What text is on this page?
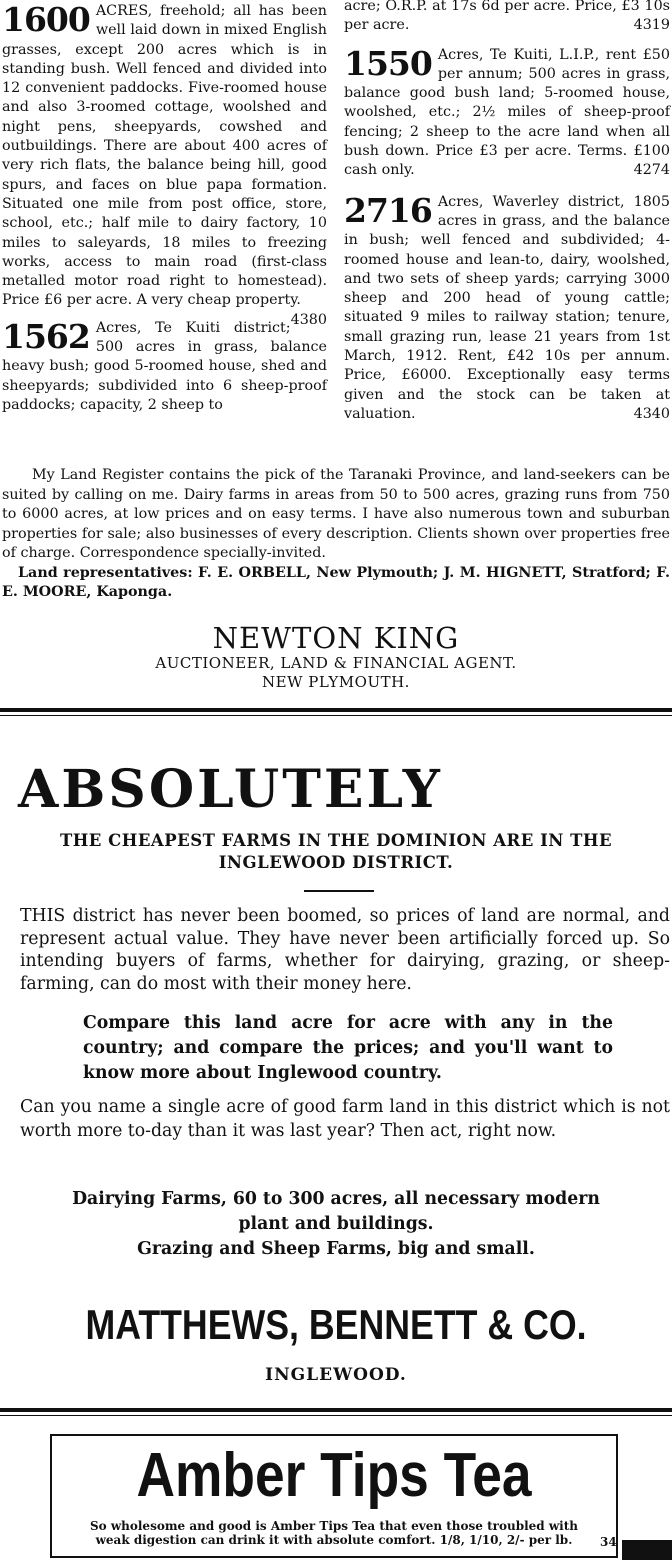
1600 ACRES, freehold; all has been well laid down in mixed English grasses, except 200 acres which is in standing bush. Well fenced and divided into 12 convenient paddocks. Five-roomed house and also 3-roomed cottage, woolshed and night pens, sheepyards, cowshed and outbuildings. There are about 400 acres of very rich flats, the balance being hill, good spurs, and faces on blue papa formation. Situated one mile from post office, store, school, etc.; half mile to dairy factory, 10 miles to saleyards, 18 miles to freezing works, access to main road (first-class metalled motor road right to homestead). Price £6 per acre. A very cheap property.
4380
1562 Acres, Te Kuiti district; 500 acres in grass, balance heavy bush; good 5-roomed house, shed and sheepyards; subdivided into 6 sheep-proof paddocks; capacity, 2 sheep to
acre; O.R.P. at 17s 6d per acre. Price, £3 10s per acre.	4319
1550 Acres, Te Kuiti, L.I.P., rent £50 per annum; 500 acres in grass, balance good bush land; 5-roomed house, woolshed, etc.; 2½ miles of sheep-proof fencing; 2 sheep to the acre land when all bush down. Price £3 per acre. Terms. £100 cash only.	4274
2716 Acres, Waverley district, 1805 acres in grass, and the balance in bush; well fenced and subdivided; 4-roomed house and lean-to, dairy, woolshed, and two sets of sheep yards; carrying 3000 sheep and 200 head of young cattle; situated 9 miles to railway station; tenure, small grazing run, lease 21 years from 1st March, 1912. Rent, £42 10s per annum. Price, £6000. Exceptionally easy terms given and the stock can be taken at valuation.	4340
My Land Register contains the pick of the Taranaki Province, and land-seekers can be suited by calling on me. Dairy farms in areas from 50 to 500 acres, grazing runs from 750 to 6000 acres, at low prices and on easy terms. I have also numerous town and suburban properties for sale; also businesses of every description. Clients shown over properties free of charge. Correspondence specially-invited.
Land representatives: F. E. ORBELL, New Plymouth; J. M. HIGNETT, Stratford; F. E. MOORE, Kaponga.
NEWTON KING
AUCTIONEER, LAND & FINANCIAL AGENT.
NEW PLYMOUTH.
ABSOLUTELY
THE CHEAPEST FARMS IN THE DOMINION ARE IN THE
INGLEWOOD DISTRICT.
THIS district has never been boomed, so prices of land are normal, and represent actual value. They have never been artificially forced up. So intending buyers of farms, whether for dairying, grazing, or sheep-farming, can do most with their money here.
Compare this land acre for acre with any in the country; and compare the prices; and you'll want to know more about Inglewood country.
Can you name a single acre of good farm land in this district which is not worth more to-day than it was last year? Then act, right now.
Dairying Farms, 60 to 300 acres, all necessary modern
plant and buildings.
Grazing and Sheep Farms, big and small.
MATTHEWS, BENNETT & CO.
INGLEWOOD.
Amber Tips Tea
So wholesome and good is Amber Tips Tea that even those troubled with
weak digestion can drink it with absolute comfort. 1/8, 1/10, 2/- per lb.	34
